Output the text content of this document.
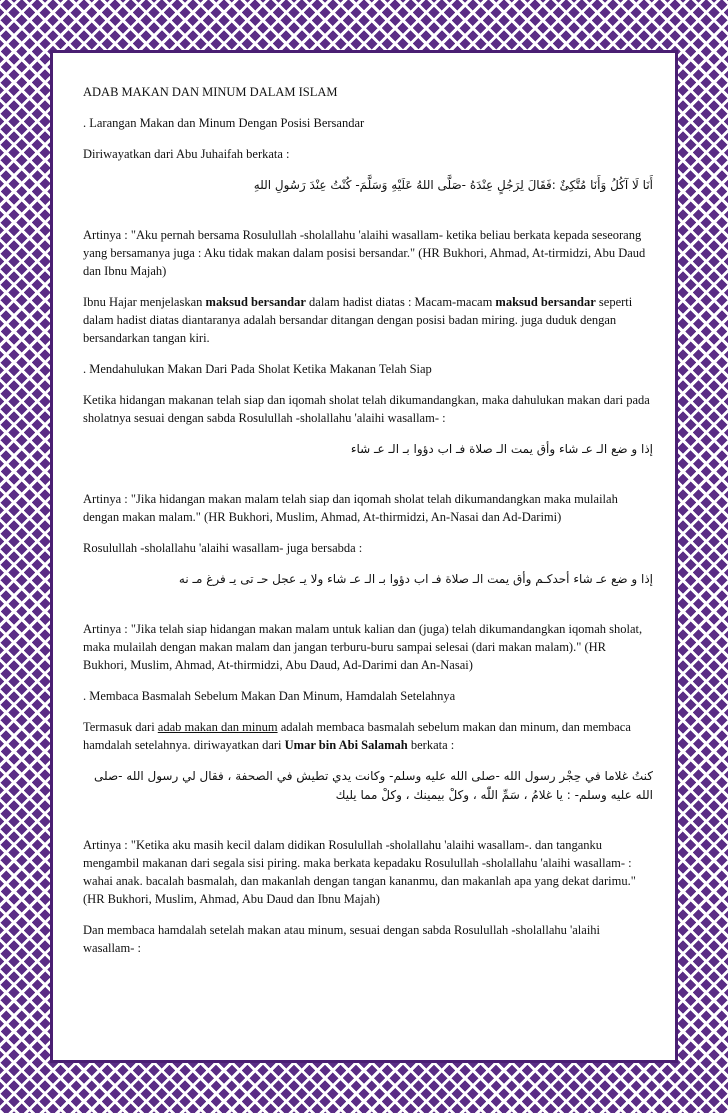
ADAB MAKAN DAN MINUM DALAM ISLAM

. Larangan Makan dan Minum Dengan Posisi Bersandar

Diriwayatkan dari Abu Juhaifah berkata :

أَنَا لَا آكُلُ وَأَنَا مُتَّكِئٌ :فَقَالَ لِرَجُلٍ عِنْدَهُ -صَلَّى اللهُ عَلَيْهِ وَسَلَّمَ- كُنْتُ عِنْدَ رَسُولِ اللهِ

Artinya : "Aku pernah bersama Rosulullah -sholallahu 'alaihi wasallam- ketika beliau berkata kepada seseorang yang bersamanya juga : Aku tidak makan dalam posisi bersandar." (HR Bukhori, Ahmad, At-tirmidzi, Abu Daud dan Ibnu Majah)

Ibnu Hajar menjelaskan maksud bersandar dalam hadist diatas : Macam-macam maksud bersandar seperti dalam hadist diatas diantaranya adalah bersandar ditangan dengan posisi badan miring. juga duduk dengan bersandarkan tangan kiri.

. Mendahulukan Makan Dari Pada Sholat Ketika Makanan Telah Siap

Ketika hidangan makanan telah siap dan iqomah sholat telah dikumandangkan, maka dahulukan makan dari pada sholatnya sesuai dengan sabda Rosulullah -sholallahu 'alaihi wasallam- :

إذا و ضع الـ عـ شاء وأق يمت الـ صلاة فـ اب دؤوا بـ الـ عـ شاء

Artinya : "Jika hidangan makan malam telah siap dan iqomah sholat telah dikumandangkan maka mulailah dengan makan malam." (HR Bukhori, Muslim, Ahmad, At-thirmidzi, An-Nasai dan Ad-Darimi)

Rosulullah -sholallahu 'alaihi wasallam- juga bersabda :

إذا و ضع عـ شاء أحدكـم وأق يمت الـ صلاة فـ اب دؤوا بـ الـ عـ شاء ولا يـ عجل حـ تى يـ فرغ مـ نه

Artinya : "Jika telah siap hidangan makan malam untuk kalian dan (juga) telah dikumandangkan iqomah sholat, maka mulailah dengan makan malam dan jangan terburu-buru sampai selesai (dari makan malam)." (HR Bukhori, Muslim, Ahmad, At-thirmidzi, Abu Daud, Ad-Darimi dan An-Nasai)

. Membaca Basmalah Sebelum Makan Dan Minum, Hamdalah Setelahnya

Termasuk dari adab makan dan minum adalah membaca basmalah sebelum makan dan minum, dan membaca hamdalah setelahnya. diriwayatkan dari Umar bin Abi Salamah berkata :

كنتُ غلاما في حِجْر رسول الله -صلى الله عليه وسلم- وكانت يدي تطيش في الصحفة ، فقال لي رسول الله -صلى الله عليه وسلم- : يا غلامُ ، سَمِّ اللّٰه ، وكلْ بيمينك ، وكلْ مما يليك

Artinya : "Ketika aku masih kecil dalam didikan Rosulullah -sholallahu 'alaihi wasallam-. dan tanganku mengambil makanan dari segala sisi piring. maka berkata kepadaku Rosulullah -sholallahu 'alaihi wasallam- : wahai anak. bacalah basmalah, dan makanlah dengan tangan kananmu, dan makanlah apa yang dekat darimu." (HR Bukhori, Muslim, Ahmad, Abu Daud dan Ibnu Majah)

Dan membaca hamdalah setelah makan atau minum, sesuai dengan sabda Rosulullah -sholallahu 'alaihi wasallam- :
